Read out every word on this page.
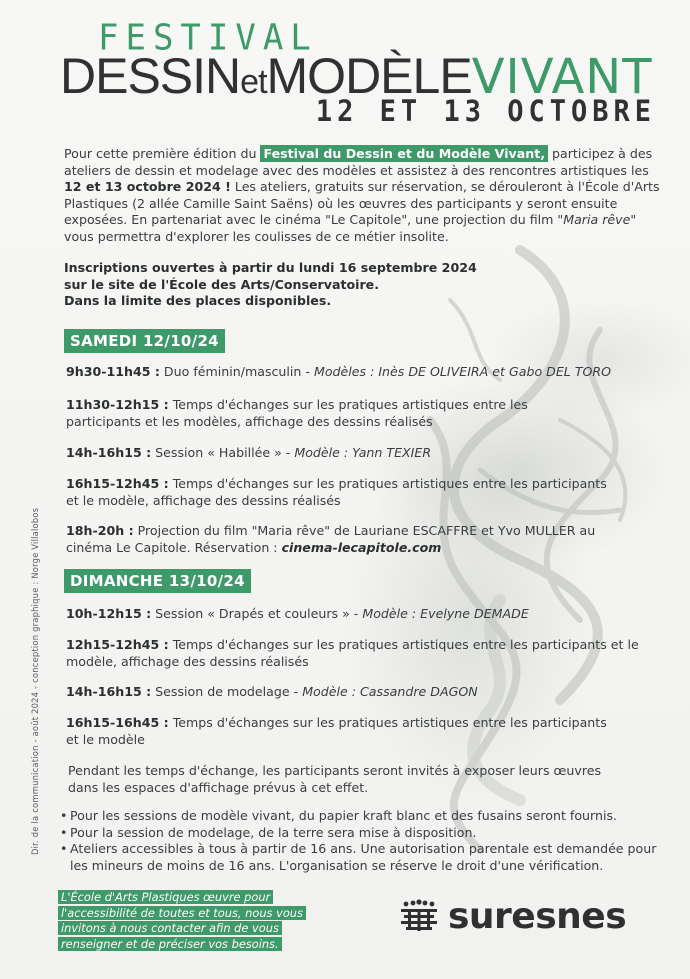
FESTIVAL
DESSINetMODÈLEVIVANT
12 ET 13 OCTOBRE

Pour cette première édition du Festival du Dessin et du Modèle Vivant, participez à des ateliers de dessin et modelage avec des modèles et assistez à des rencontres artistiques les 12 et 13 octobre 2024 ! Les ateliers, gratuits sur réservation, se dérouleront à l'École d'Arts Plastiques (2 allée Camille Saint Saëns) où les œuvres des participants y seront ensuite exposées. En partenariat avec le cinéma "Le Capitole", une projection du film "Maria rêve" vous permettra d'explorer les coulisses de ce métier insolite.

Inscriptions ouvertes à partir du lundi 16 septembre 2024
sur le site de l'École des Arts/Conservatoire.
Dans la limite des places disponibles.
SAMEDI 12/10/24

9h30-11h45 : Duo féminin/masculin - Modèles : Inès DE OLIVEIRA et Gabo DEL TORO

11h30-12h15 : Temps d'échanges sur les pratiques artistiques entre les participants et les modèles, affichage des dessins réalisés

14h-16h15 : Session « Habillée » - Modèle : Yann TEXIER

16h15-12h45 : Temps d'échanges sur les pratiques artistiques entre les participants et le modèle, affichage des dessins réalisés

18h-20h : Projection du film "Maria rêve" de Lauriane ESCAFFRE et Yvo MULLER au cinéma Le Capitole. Réservation : cinema-lecapitole.com

DIMANCHE 13/10/24

10h-12h15 : Session « Drapés et couleurs » - Modèle : Evelyne DEMADE

12h15-12h45 : Temps d'échanges sur les pratiques artistiques entre les participants et le modèle, affichage des dessins réalisés

14h-16h15 : Session de modelage - Modèle : Cassandre DAGON

16h15-16h45 : Temps d'échanges sur les pratiques artistiques entre les participants et le modèle

Pendant les temps d'échange, les participants seront invités à exposer leurs œuvres dans les espaces d'affichage prévus à cet effet.

• Pour les sessions de modèle vivant, du papier kraft blanc et des fusains seront fournis.
• Pour la session de modelage, de la terre sera mise à disposition.
• Ateliers accessibles à tous à partir de 16 ans. Une autorisation parentale est demandée pour les mineurs de moins de 16 ans. L'organisation se réserve le droit d'une vérification.
Dir. de la communication - août 2024 - conception graphique : Norge Villalobos

L'École d'Arts Plastiques œuvre pour l'accessibilité de toutes et tous, nous vous invitons à nous contacter afin de vous renseigner et de préciser vos besoins.

suresnes
